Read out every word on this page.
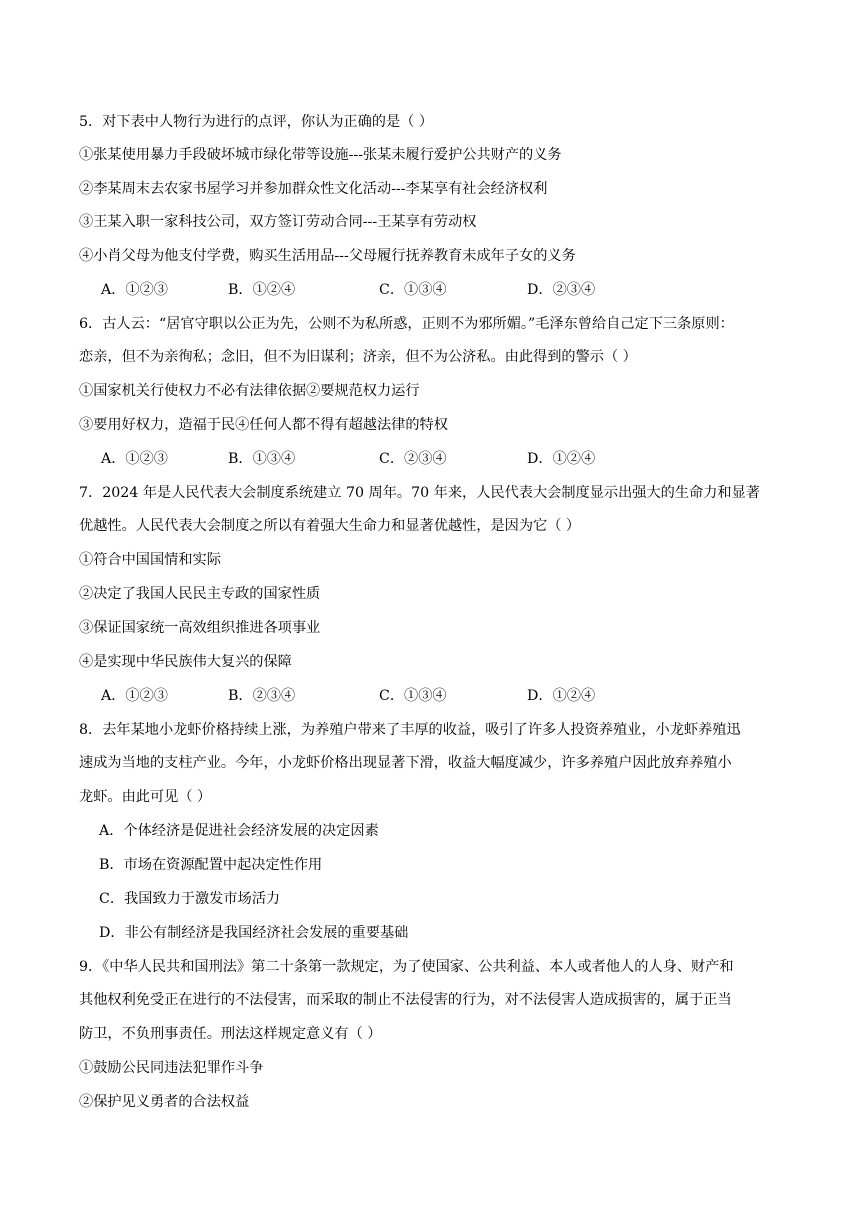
5．对下表中人物行为进行的点评，你认为正确的是（ ）
①张某使用暴力手段破坏城市绿化带等设施---张某未履行爱护公共财产的义务
②李某周末去农家书屋学习并参加群众性文化活动---李某享有社会经济权利
③王某入职一家科技公司，双方签订劳动合同---王某享有劳动权
④小肖父母为他支付学费，购买生活用品---父母履行抚养教育未成年子女的义务
A．①②③	B．①②④	C．①③④	D．②③④
6．古人云：“居官守职以公正为先，公则不为私所惑，正则不为邪所媚。”毛泽东曾给自己定下三条原则：
恋亲，但不为亲徇私；念旧，但不为旧谋利；济亲，但不为公济私。由此得到的警示（ ）
①国家机关行使权力不必有法律依据②要规范权力运行
③要用好权力，造福于民④任何人都不得有超越法律的特权
A．①②③	B．①③④	C．②③④	D．①②④
7．2024 年是人民代表大会制度系统建立 70 周年。70 年来，人民代表大会制度显示出强大的生命力和显著
优越性。人民代表大会制度之所以有着强大生命力和显著优越性，是因为它（ ）
①符合中国国情和实际
②决定了我国人民民主专政的国家性质
③保证国家统一高效组织推进各项事业
④是实现中华民族伟大复兴的保障
A．①②③	B．②③④	C．①③④	D．①②④
8．去年某地小龙虾价格持续上涨，为养殖户带来了丰厚的收益，吸引了许多人投资养殖业，小龙虾养殖迅
速成为当地的支柱产业。今年，小龙虾价格出现显著下滑，收益大幅度减少，许多养殖户因此放弃养殖小
龙虾。由此可见（ ）
A．个体经济是促进社会经济发展的决定因素
B．市场在资源配置中起决定性作用
C．我国致力于激发市场活力
D．非公有制经济是我国经济社会发展的重要基础
9．《中华人民共和国刑法》第二十条第一款规定，为了使国家、公共利益、本人或者他人的人身、财产和
其他权利免受正在进行的不法侵害，而采取的制止不法侵害的行为，对不法侵害人造成损害的，属于正当
防卫，不负刑事责任。刑法这样规定意义有（ ）
①鼓励公民同违法犯罪作斗争
②保护见义勇者的合法权益
